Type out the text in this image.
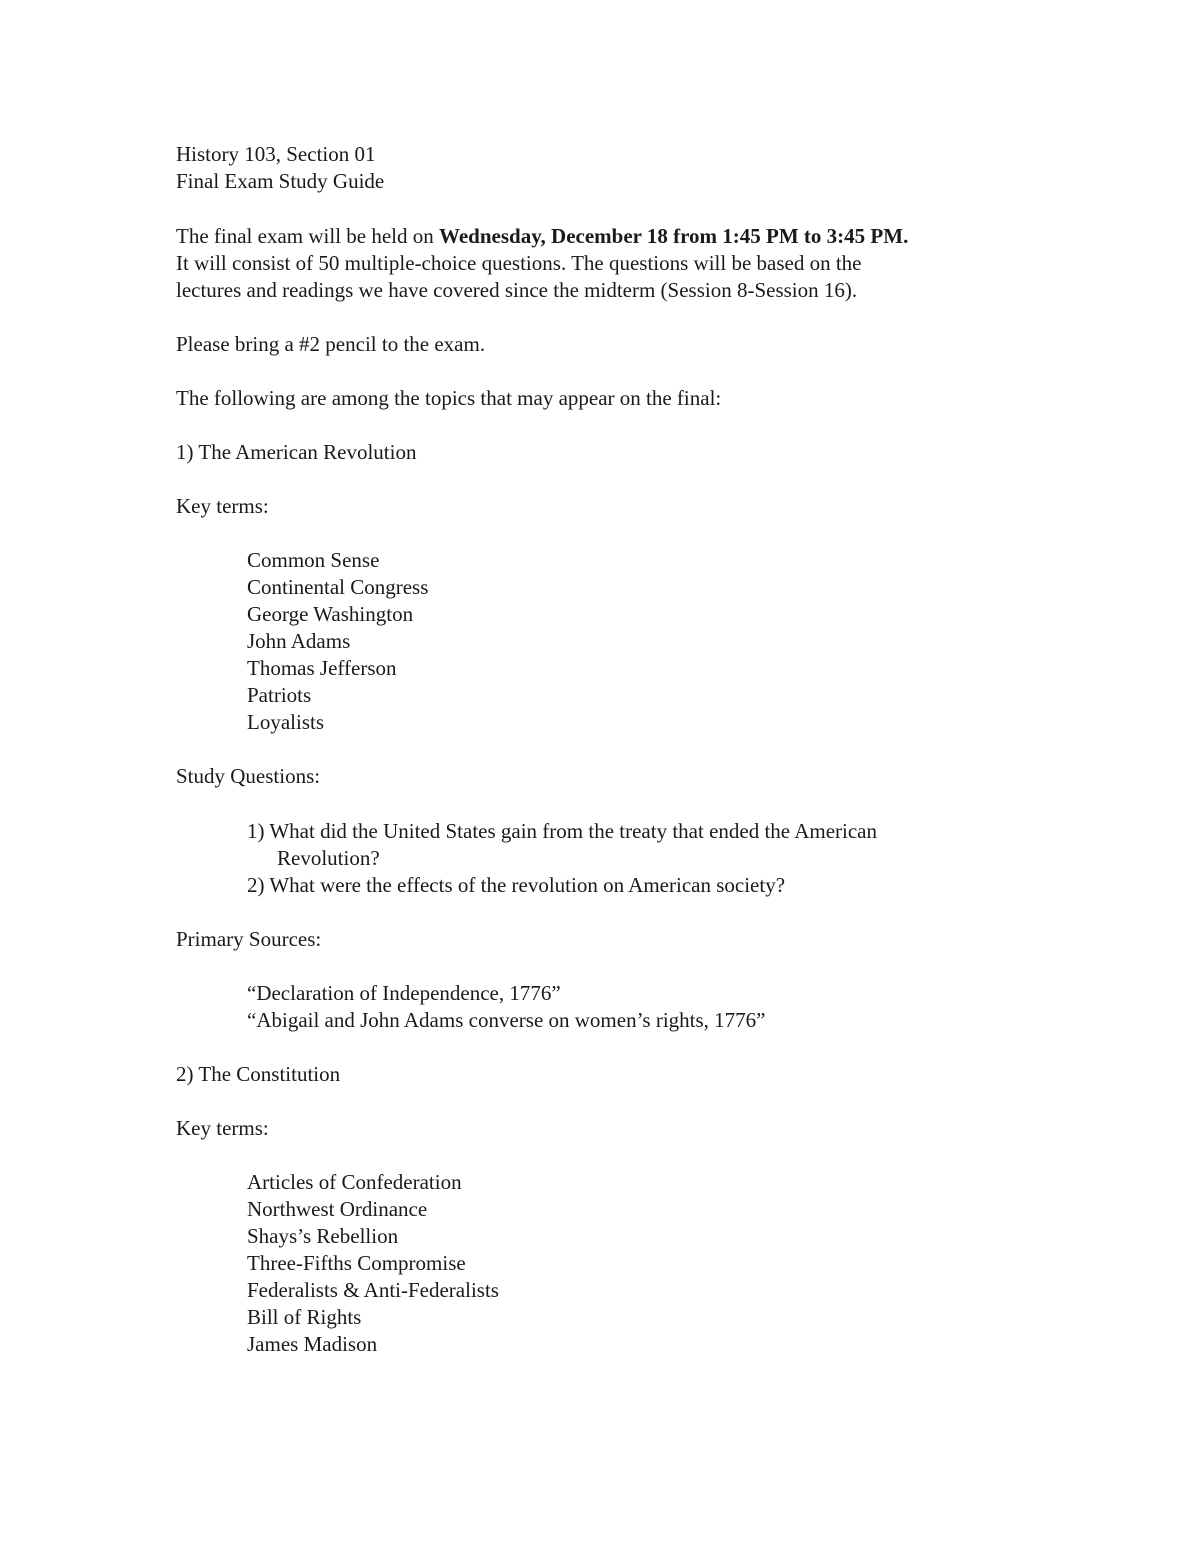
History 103, Section 01
Final Exam Study Guide
The final exam will be held on Wednesday, December 18 from 1:45 PM to 3:45 PM.
It will consist of 50 multiple-choice questions. The questions will be based on the
lectures and readings we have covered since the midterm (Session 8-Session 16).
Please bring a #2 pencil to the exam.
The following are among the topics that may appear on the final:
1) The American Revolution
Key terms:
Common Sense
Continental Congress
George Washington
John Adams
Thomas Jefferson
Patriots
Loyalists
Study Questions:
1) What did the United States gain from the treaty that ended the American
Revolution?
2) What were the effects of the revolution on American society?
Primary Sources:
“Declaration of Independence, 1776”
“Abigail and John Adams converse on women’s rights, 1776”
2) The Constitution
Key terms:
Articles of Confederation
Northwest Ordinance
Shays’s Rebellion
Three-Fifths Compromise
Federalists & Anti-Federalists
Bill of Rights
James Madison
